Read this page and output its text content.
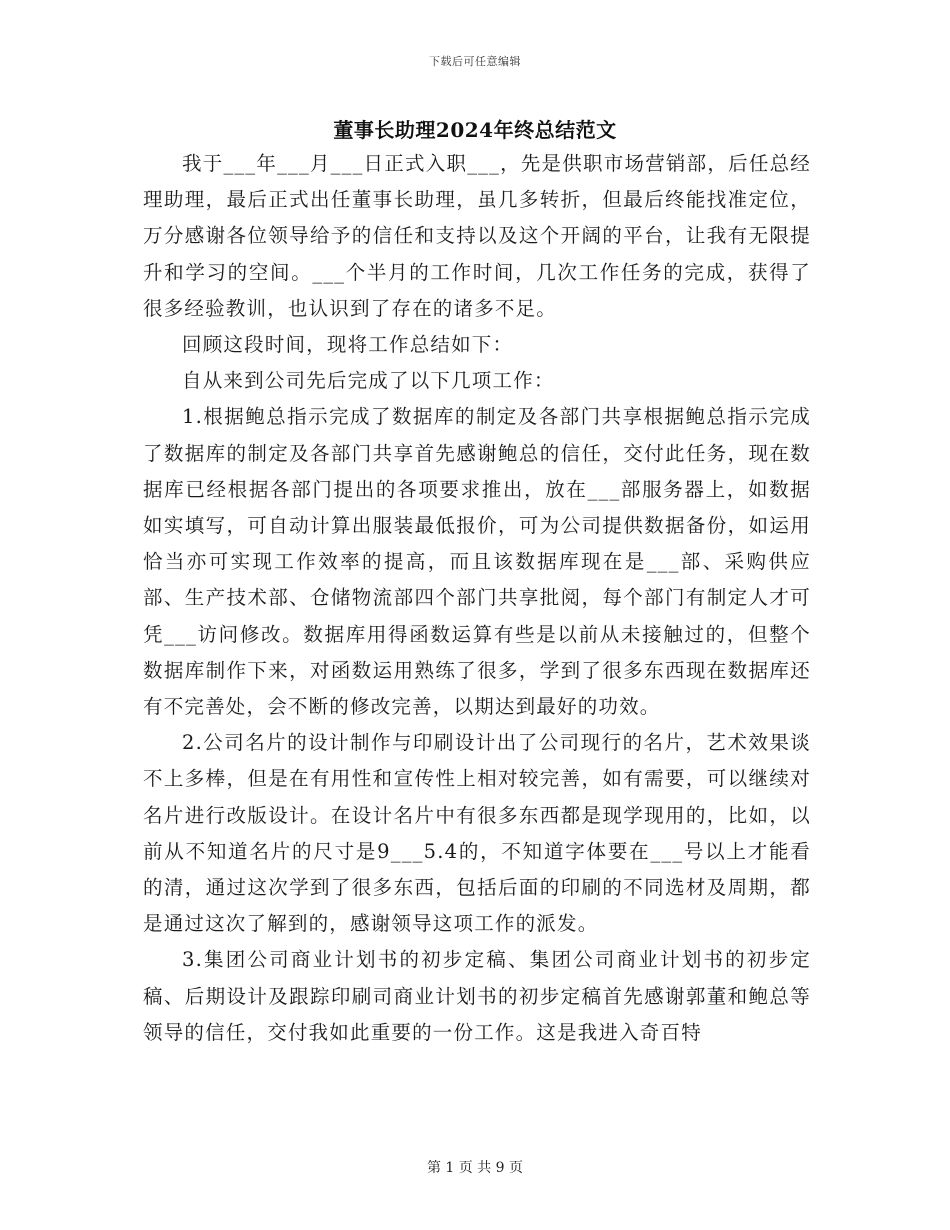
下载后可任意编辑
董事长助理2024年终总结范文

我于___年___月___日正式入职___，先是供职市场营销部，后任总经理助理，最后正式出任董事长助理，虽几多转折，但最后终能找准定位，万分感谢各位领导给予的信任和支持以及这个开阔的平台，让我有无限提升和学习的空间。___个半月的工作时间，几次工作任务的完成，获得了很多经验教训，也认识到了存在的诸多不足。

回顾这段时间，现将工作总结如下：

自从来到公司先后完成了以下几项工作：

1.根据鲍总指示完成了数据库的制定及各部门共享根据鲍总指示完成了数据库的制定及各部门共享首先感谢鲍总的信任，交付此任务，现在数据库已经根据各部门提出的各项要求推出，放在___部服务器上，如数据如实填写，可自动计算出服装最低报价，可为公司提供数据备份，如运用恰当亦可实现工作效率的提高，而且该数据库现在是___部、采购供应部、生产技术部、仓储物流部四个部门共享批阅，每个部门有制定人才可凭___访问修改。数据库用得函数运算有些是以前从未接触过的，但整个数据库制作下来，对函数运用熟练了很多，学到了很多东西现在数据库还有不完善处，会不断的修改完善，以期达到最好的功效。

2.公司名片的设计制作与印刷设计出了公司现行的名片，艺术效果谈不上多棒，但是在有用性和宣传性上相对较完善，如有需要，可以继续对名片进行改版设计。在设计名片中有很多东西都是现学现用的，比如，以前从不知道名片的尺寸是9___5.4的，不知道字体要在___号以上才能看的清，通过这次学到了很多东西，包括后面的印刷的不同选材及周期，都是通过这次了解到的，感谢领导这项工作的派发。

3.集团公司商业计划书的初步定稿、集团公司商业计划书的初步定稿、后期设计及跟踪印刷司商业计划书的初步定稿首先感谢郭董和鲍总等领导的信任，交付我如此重要的一份工作。这是我进入奇百特

第 1 页 共 9 页
